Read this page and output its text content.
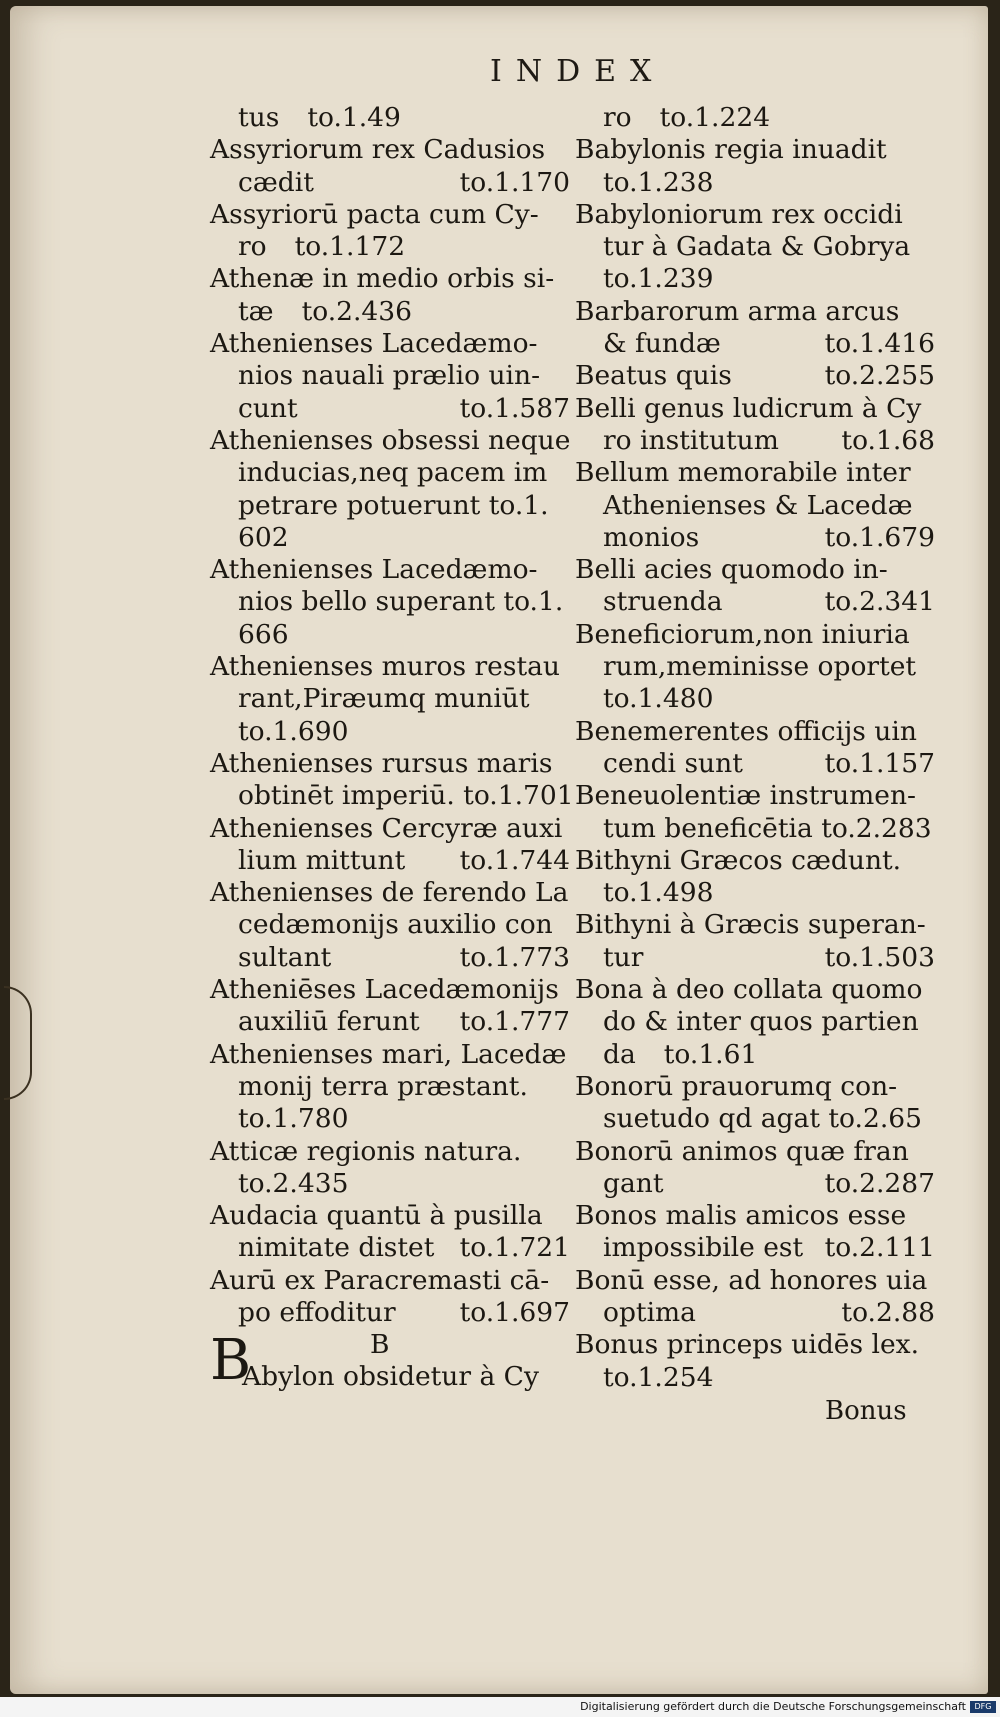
INDEX
tus to.1.49
Assyriorum rex Cadusios
cædit	to.1.170
Assyriorū pacta cum Cy-
ro to.1.172
Athenæ in medio orbis si-
tæ to.2.436
Athenienses Lacedæmo-
nios nauali prælio uin-
cunt	to.1.587
Athenienses obsessi neque
inducias,neq pacem im
petrare potuerunt to.1.
602
Athenienses Lacedæmo-
nios bello superant to.1.
666
Athenienses muros restau
rant,Piræumq muniūt
to.1.690
Athenienses rursus maris
obtinēt imperiū. to.1.701
Athenienses Cercyræ auxi
lium mittunt to.1.744
Athenienses de ferendo La
cedæmonijs auxilio con
sultant	to.1.773
Atheniēses Lacedæmonijs
auxiliū ferunt to.1.777
Athenienses mari, Lacedæ
monij terra præstant.
to.1.780
Atticæ regionis natura.
to.2.435
Audacia quantū à pusilla
nimitate distet to.1.721
Aurū ex Paracremasti cā-
po effoditur to.1.697
B
B
Abylon obsidetur à Cy
ro to.1.224
Babylonis regia inuadit
to.1.238
Babyloniorum rex occidi
tur à Gadata & Gobrya
to.1.239
Barbarorum arma arcus
& fundæ	to.1.416
Beatus quis	to.2.255
Belli genus ludicrum à Cy
ro institutum to.1.68
Bellum memorabile inter
Athenienses & Lacedæ
monios	to.1.679
Belli acies quomodo in-
struenda	to.2.341
Beneficiorum,non iniuria
rum,meminisse oportet
to.1.480
Benemerentes officijs uin
cendi sunt	to.1.157
Beneuolentiæ instrumen-
tum beneficētia to.2.283
Bithyni Græcos cædunt.
to.1.498
Bithyni à Græcis superan-
tur	to.1.503
Bona à deo collata quomo
do & inter quos partien
da to.1.61
Bonorū prauorumq con-
suetudo qd agat to.2.65
Bonorū animos quæ fran
gant	to.2.287
Bonos malis amicos esse
impossibile est to.2.111
Bonū esse, ad honores uia
optima	to.2.88
Bonus princeps uidēs lex.
to.1.254
Bonus
Digitalisierung gefördert durch die Deutsche Forschungsgemeinschaft	DFG
